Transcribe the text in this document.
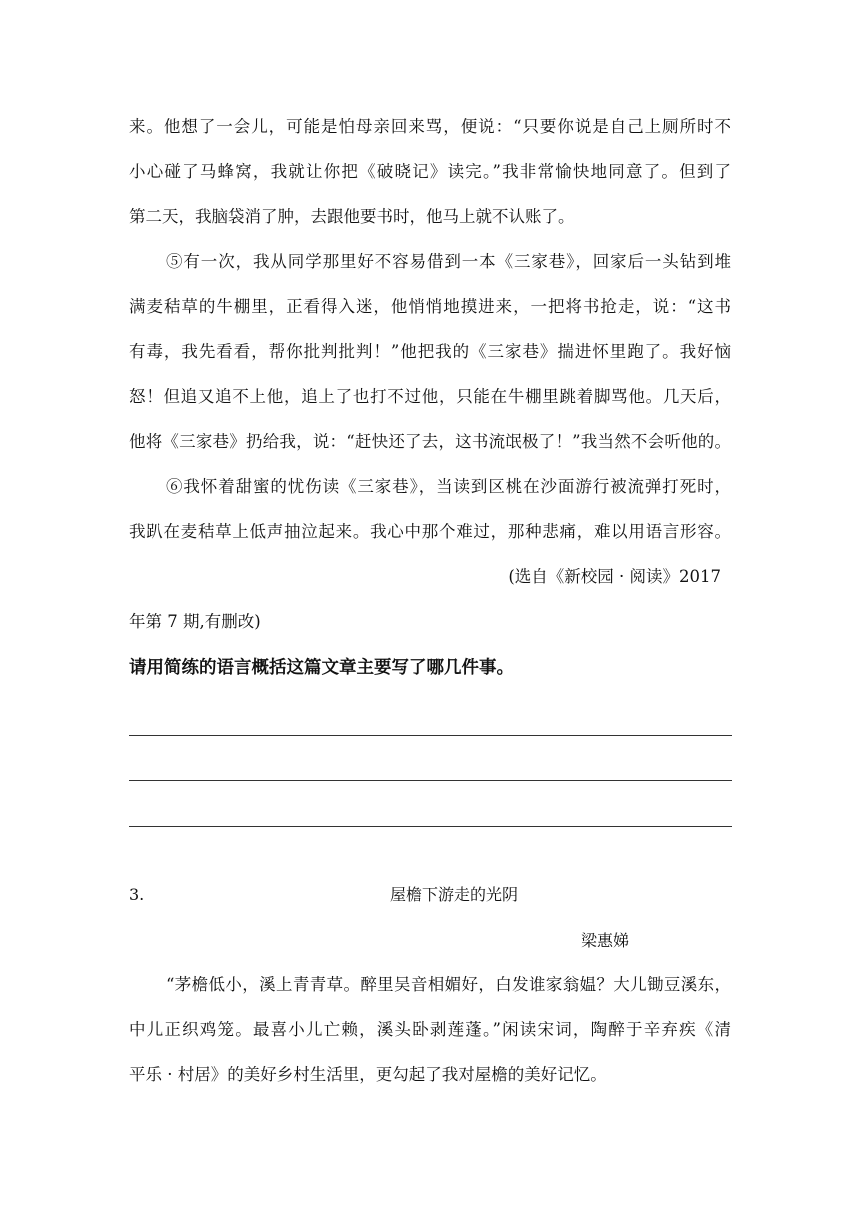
来。他想了一会儿，可能是怕母亲回来骂，便说：“只要你说是自己上厕所时不
小心碰了马蜂窝，我就让你把《破晓记》读完。”我非常愉快地同意了。但到了
第二天，我脑袋消了肿，去跟他要书时，他马上就不认账了。
⑤有一次，我从同学那里好不容易借到一本《三家巷》，回家后一头钻到堆
满麦秸草的牛棚里，正看得入迷，他悄悄地摸进来，一把将书抢走，说：“这书
有毒，我先看看，帮你批判批判！”他把我的《三家巷》揣进怀里跑了。我好恼
怒！但追又追不上他，追上了也打不过他，只能在牛棚里跳着脚骂他。几天后，
他将《三家巷》扔给我，说：“赶快还了去，这书流氓极了！”我当然不会听他的。
⑥我怀着甜蜜的忧伤读《三家巷》，当读到区桃在沙面游行被流弹打死时，
我趴在麦秸草上低声抽泣起来。我心中那个难过，那种悲痛，难以用语言形容。
(选自《新校园 · 阅读》2017
年第 7 期,有删改)
请用简练的语言概括这篇文章主要写了哪几件事。
3.	屋檐下游走的光阴
梁惠娣
“茅檐低小，溪上青青草。醉里吴音相媚好，白发谁家翁媪？大儿锄豆溪东，
中儿正织鸡笼。最喜小儿亡赖，溪头卧剥莲蓬。”闲读宋词，陶醉于辛弃疾《清
平乐 · 村居》的美好乡村生活里，更勾起了我对屋檐的美好记忆。
